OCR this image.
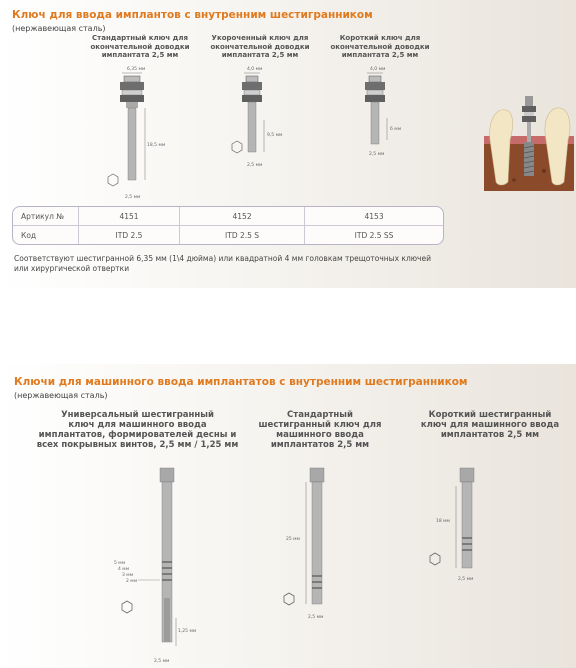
Ключ для ввода имплантов с внутренним шестигранником
(нержавеющая сталь)
Стандартный ключ для
окончательной доводки
имплантата 2,5 мм
Укороченный ключ для
окончательной доводки
имплантата 2,5 мм
Короткий ключ для
окончательной доводки
имплантата 2,5 мм
6,35 мм
18,5 мм
2,5 мм
4,0 мм
9,5 мм
2,5 мм
4,0 мм
6 мм
2,5 мм
Артикул №	4151	4152	4153
Код	ITD 2.5	ITD 2.5 S	ITD 2.5 SS
Соответствуют шестигранной 6,35 мм (1\4 дюйма) или квадратной 4 мм головкам трещоточных ключей или хирургической отвертки
Ключи для машинного ввода имплантатов с внутренним шестигранником
(нержавеющая сталь)
Универсальный шестигранный
ключ для машинного ввода
имплантатов, формирователей десны и
всех покрывных винтов, 2,5 мм / 1,25 мм
Стандартный
шестигранный ключ для
машинного ввода
имплантатов 2,5 мм
Короткий шестигранный
ключ для машинного ввода
имплантатов 2,5 мм
5 мм
4 мм
3 мм
2 мм
1,25 мм
2,5 мм
25 мм
2,5 мм
18 мм
2,5 мм
